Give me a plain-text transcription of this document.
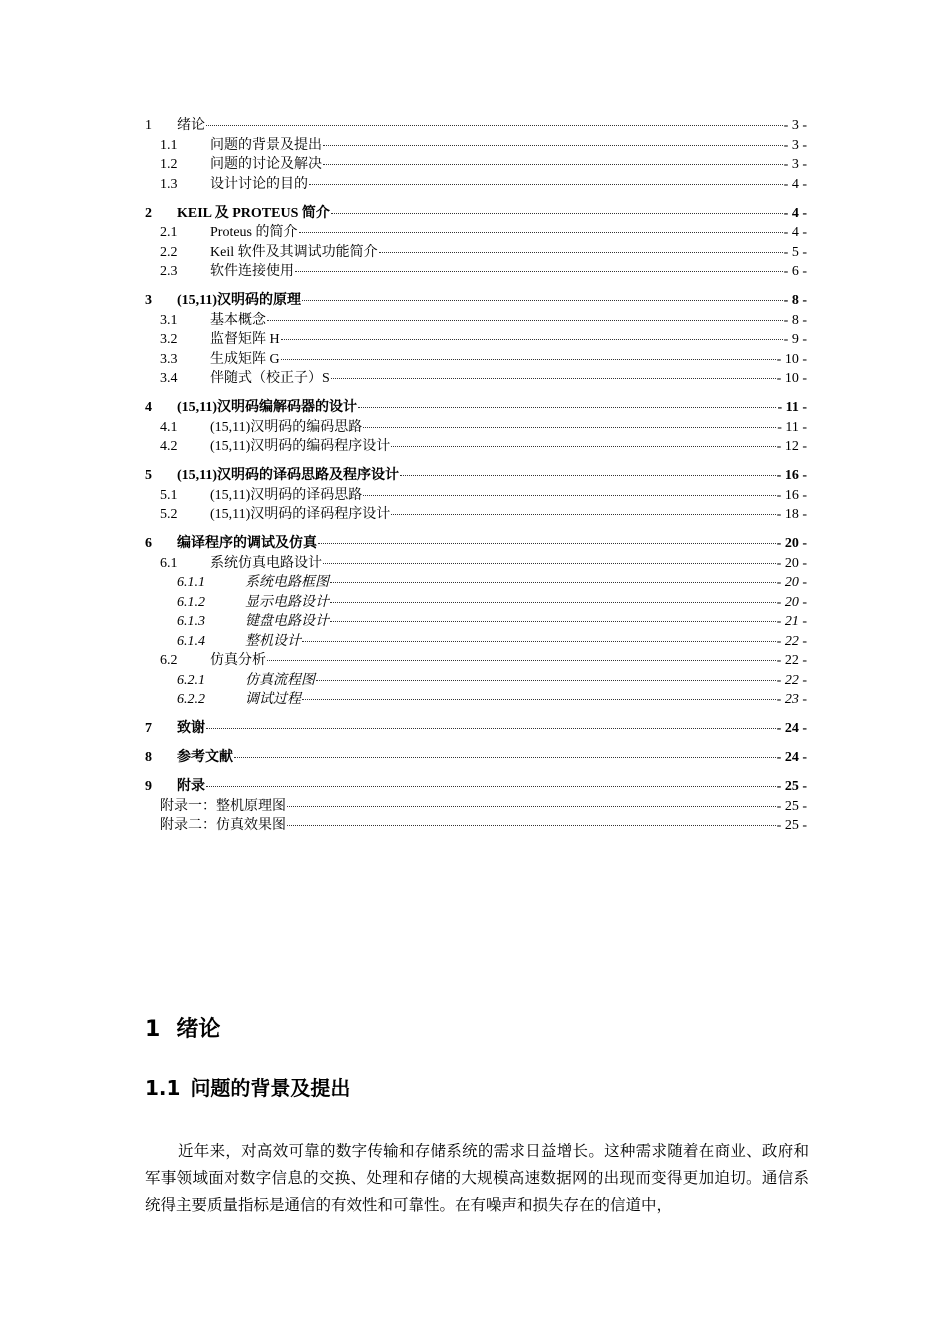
1	绪论	- 3 -
1.1	问题的背景及提出	- 3 -
1.2	问题的讨论及解决	- 3 -
1.3	设计讨论的目的	- 4 -
2	KEIL 及 PROTEUS 简介	- 4 -
2.1	Proteus 的简介	- 4 -
2.2	Keil 软件及其调试功能简介	- 5 -
2.3	软件连接使用	- 6 -
3	(15,11)汉明码的原理	- 8 -
3.1	基本概念	- 8 -
3.2	监督矩阵 H	- 9 -
3.3	生成矩阵 G	- 10 -
3.4	伴随式（校正子）S	- 10 -
4	(15,11)汉明码编解码器的设计	- 11 -
4.1	(15,11)汉明码的编码思路	- 11 -
4.2	(15,11)汉明码的编码程序设计	- 12 -
5	(15,11)汉明码的译码思路及程序设计	- 16 -
5.1	(15,11)汉明码的译码思路	- 16 -
5.2	(15,11)汉明码的译码程序设计	- 18 -
6	编译程序的调试及仿真	- 20 -
6.1	系统仿真电路设计	- 20 -
6.1.1	系统电路框图	- 20 -
6.1.2	显示电路设计	- 20 -
6.1.3	键盘电路设计	- 21 -
6.1.4	整机设计	- 22 -
6.2	仿真分析	- 22 -
6.2.1	仿真流程图	- 22 -
6.2.2	调试过程	- 23 -
7	致谢	- 24 -
8	参考文献	- 24 -
9	附录	- 25 -
附录一：整机原理图	- 25 -
附录二：仿真效果图	- 25 -
1 绪论
1.1 问题的背景及提出

近年来，对高效可靠的数字传输和存储系统的需求日益增长。这种需求随着在商业、政府和军事领域面对数字信息的交换、处理和存储的大规模高速数据网的出现而变得更加迫切。通信系统得主要质量指标是通信的有效性和可靠性。在有噪声和损失存在的信道中，
